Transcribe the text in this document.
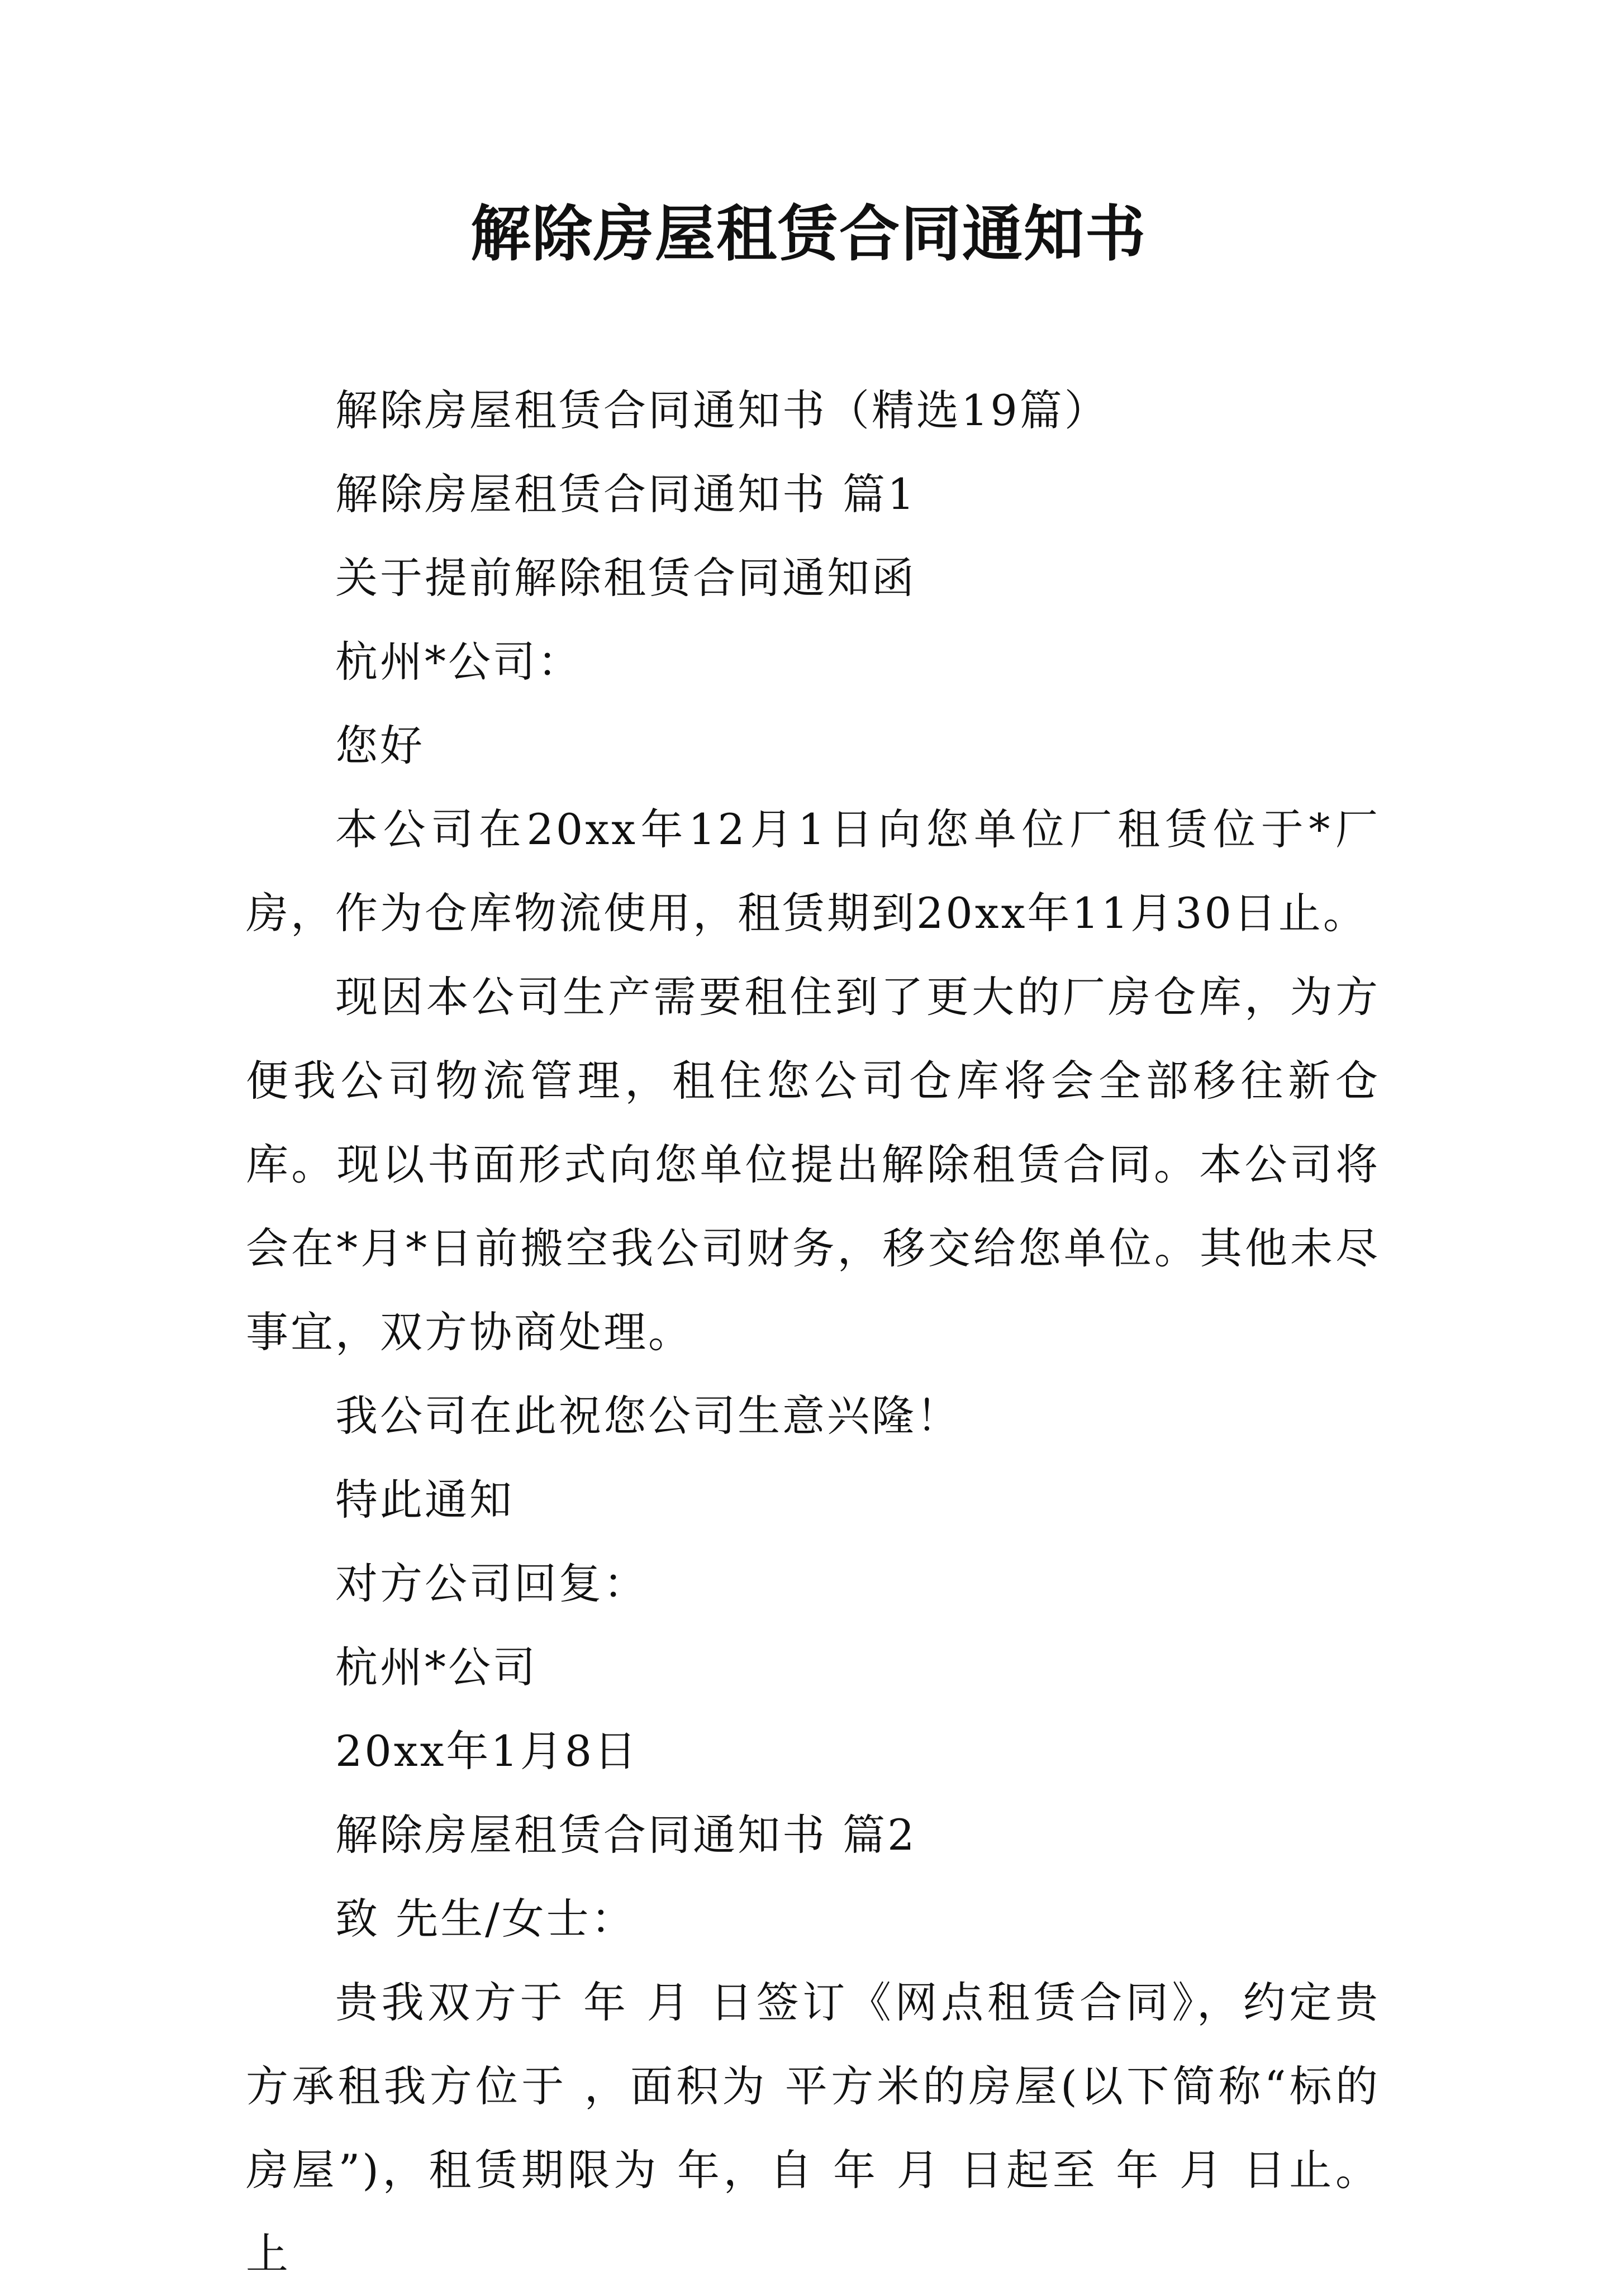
解除房屋租赁合同通知书

解除房屋租赁合同通知书（精选19篇）

解除房屋租赁合同通知书 篇1

关于提前解除租赁合同通知函

杭州*公司：

您好

本公司在20xx年12月1日向您单位厂租赁位于*厂房，作为仓库物流使用，租赁期到20xx年11月30日止。

现因本公司生产需要租住到了更大的厂房仓库，为方便我公司物流管理，租住您公司仓库将会全部移往新仓库。现以书面形式向您单位提出解除租赁合同。本公司将会在*月*日前搬空我公司财务，移交给您单位。其他未尽事宜，双方协商处理。

我公司在此祝您公司生意兴隆！

特此通知

对方公司回复：

杭州*公司

20xx年1月8日

解除房屋租赁合同通知书 篇2

致 先生/女士：

贵我双方于 年 月 日签订《网点租赁合同》，约定贵方承租我方位于 ，面积为 平方米的房屋(以下简称“标的房屋”)，租赁期限为 年，自 年 月 日起至 年 月 日止。上
